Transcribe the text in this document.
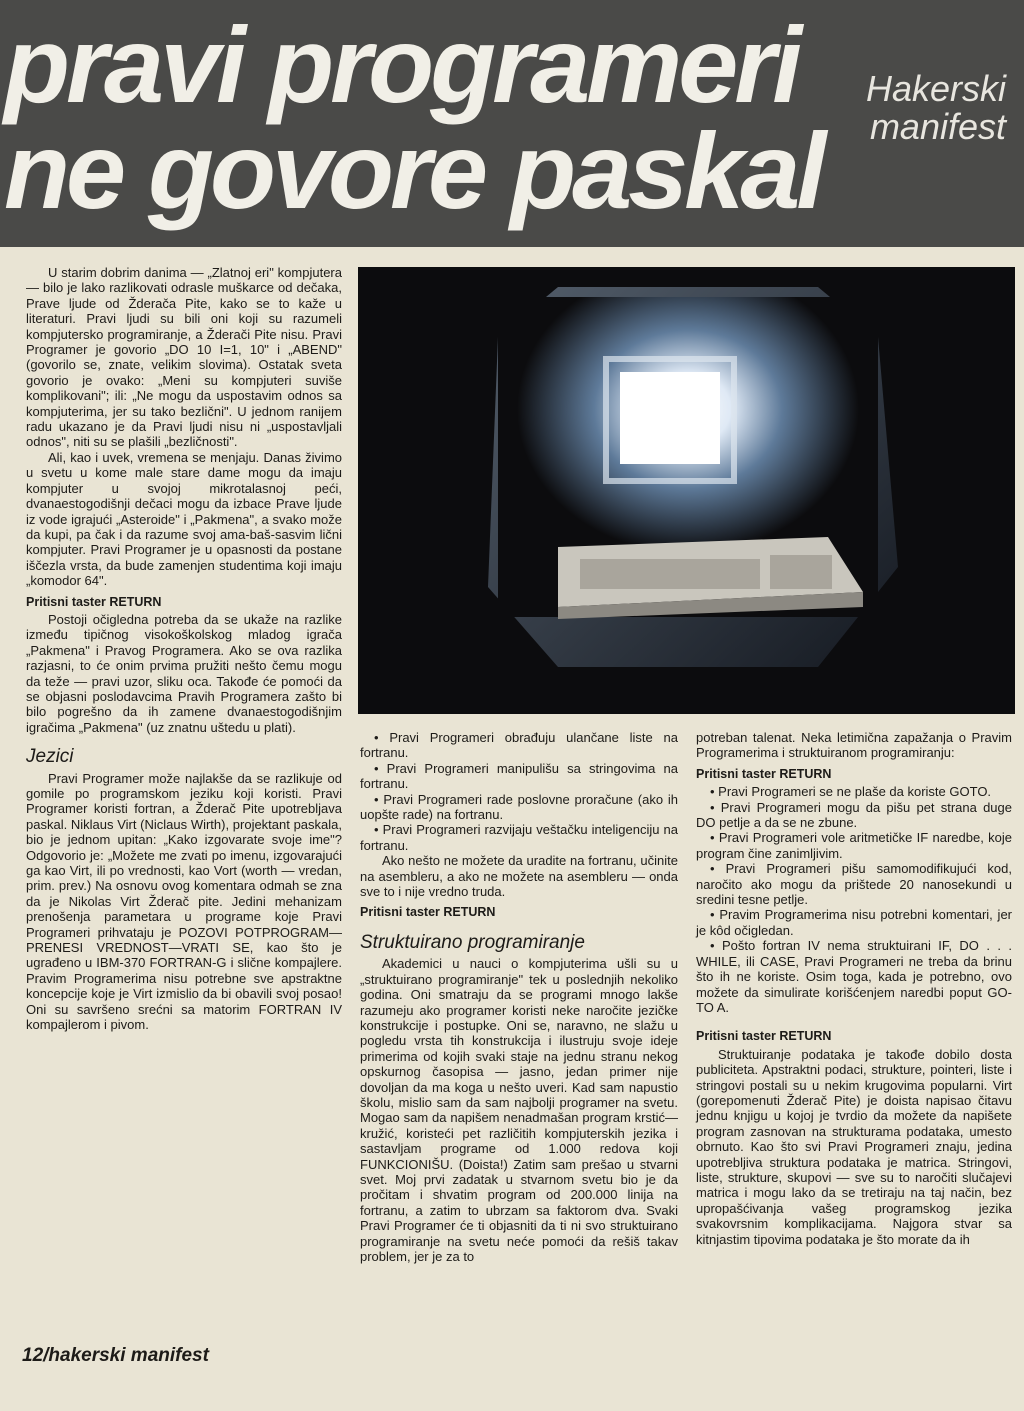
pravi programeri
ne govore paskal
Hakerski
manifest

U starim dobrim danima — „Zlatnoj eri" kompjutera — bilo je lako razlikovati odrasle muškarce od dečaka, Prave ljude od Žderača Pite, kako se to kaže u literaturi. Pravi ljudi su bili oni koji su razumeli kompjutersko programiranje, a Žderači Pite nisu. Pravi Programer je govorio „DO 10 I=1, 10" i „ABEND" (govorilo se, znate, velikim slovima). Ostatak sveta govorio je ovako: „Meni su kompjuteri suviše komplikovani"; ili: „Ne mogu da uspostavim odnos sa kompjuterima, jer su tako bezlični". U jednom ranijem radu ukazano je da Pravi ljudi nisu ni „uspostavljali odnos", niti su se plašili „bezličnosti".

Ali, kao i uvek, vremena se menjaju. Danas živimo u svetu u kome male stare dame mogu da imaju kompjuter u svojoj mikrotalasnoj peći, dvanaestogodišnji dečaci mogu da izbace Prave ljude iz vode igrajući „Asteroide" i „Pakmena", a svako može da kupi, pa čak i da razume svoj ama-baš-sasvim lični kompjuter. Pravi Programer je u opasnosti da postane iščezla vrsta, da bude zamenjen studentima koji imaju „komodor 64".

Pritisni taster RETURN

Postoji očigledna potreba da se ukaže na razlike između tipičnog visokoškolskog mladog igrača „Pakmena" i Pravog Programera. Ako se ova razlika razjasni, to će onim prvima pružiti nešto čemu mogu da teže — pravi uzor, sliku oca. Takođe će pomoći da se objasni poslodavcima Pravih Programera zašto bi bilo pogrešno da ih zamene dvanaestogodišnjim igračima „Pakmena" (uz znatnu uštedu u plati).

Jezici

Pravi Programer može najlakše da se razlikuje od gomile po programskom jeziku koji koristi. Pravi Programer koristi fortran, a Žderač Pite upotrebljava paskal. Niklaus Virt (Niclaus Wirth), projektant paskala, bio je jednom upitan: „Kako izgovarate svoje ime"? Odgovorio je: „Možete me zvati po imenu, izgovarajući ga kao Virt, ili po vrednosti, kao Vort (worth — vredan, prim. prev.) Na osnovu ovog komentara odmah se zna da je Nikolas Virt Žderač pite. Jedini mehanizam prenošenja parametara u programe koje Pravi Programeri prihvataju je POZOVI POTPROGRAM—PRENESI VREDNOST—VRATI SE, kao što je ugrađeno u IBM-370 FORTRAN-G i slične kompajlere. Pravim Programerima nisu potrebne sve apstraktne koncepcije koje je Virt izmislio da bi obavili svoj posao! Oni su savršeno srećni sa matorim FORTRAN IV kompajlerom i pivom.

• Pravi Programeri obrađuju ulančane liste na fortranu.

• Pravi Programeri manipulišu sa stringovima na fortranu.

• Pravi Programeri rade poslovne proračune (ako ih uopšte rade) na fortranu.

• Pravi Programeri razvijaju veštačku inteligenciju na fortranu.

Ako nešto ne možete da uradite na fortranu, učinite na asembleru, a ako ne možete na asembleru — onda sve to i nije vredno truda.

Pritisni taster RETURN
Struktuirano programiranje

Akademici u nauci o kompjuterima ušli su u „struktuirano programiranje" tek u poslednjih nekoliko godina. Oni smatraju da se programi mnogo lakše razumeju ako programer koristi neke naročite jezičke konstrukcije i postupke. Oni se, naravno, ne slažu u pogledu vrsta tih konstrukcija i ilustruju svoje ideje primerima od kojih svaki staje na jednu stranu nekog opskurnog časopisa — jasno, jedan primer nije dovoljan da ma koga u nešto uveri. Kad sam napustio školu, mislio sam da sam najbolji programer na svetu. Mogao sam da napišem nenadmašan program krstić—kružić, koristeći pet različitih kompjuterskih jezika i sastavljam programe od 1.000 redova koji FUNKCIONIŠU. (Doista!) Zatim sam prešao u stvarni svet. Moj prvi zadatak u stvarnom svetu bio je da pročitam i shvatim program od 200.000 linija na fortranu, a zatim to ubrzam sa faktorom dva. Svaki Pravi Programer će ti objasniti da ti ni svo struktuirano programiranje na svetu neće pomoći da rešiš takav problem, jer je za to

potreban talenat. Neka letimična zapažanja o Pravim Programerima i struktuiranom programiranju:

Pritisni taster RETURN

• Pravi Programeri se ne plaše da koriste GOTO.

• Pravi Programeri mogu da pišu pet strana duge DO petlje a da se ne zbune.

• Pravi Programeri vole aritmetičke IF naredbe, koje program čine zanimljivim.

• Pravi Programeri pišu samomodifikujući kod, naročito ako mogu da prištede 20 nanosekundi u sredini tesne petlje.

• Pravim Programerima nisu potrebni komentari, jer je kôd očigledan.

• Pošto fortran IV nema struktuirani IF, DO . . . WHILE, ili CASE, Pravi Programeri ne treba da brinu što ih ne koriste. Osim toga, kada je potrebno, ovo možete da simulirate korišćenjem naredbi poput GO-TO A.

Pritisni taster RETURN

Struktuiranje podataka je takođe dobilo dosta publiciteta. Apstraktni podaci, strukture, pointeri, liste i stringovi postali su u nekim krugovima popularni. Virt (gorepomenuti Žderač Pite) je doista napisao čitavu jednu knjigu u kojoj je tvrdio da možete da napišete program zasnovan na strukturama podataka, umesto obrnuto. Kao što svi Pravi Programeri znaju, jedina upotrebljiva struktura podataka je matrica. Stringovi, liste, strukture, skupovi — sve su to naročiti slučajevi matrica i mogu lako da se tretiraju na taj način, bez upropašćivanja vašeg programskog jezika svakovrsnim komplikacijama. Najgora stvar sa kitnjastim tipovima podataka je što morate da ih

12/hakerski manifest
